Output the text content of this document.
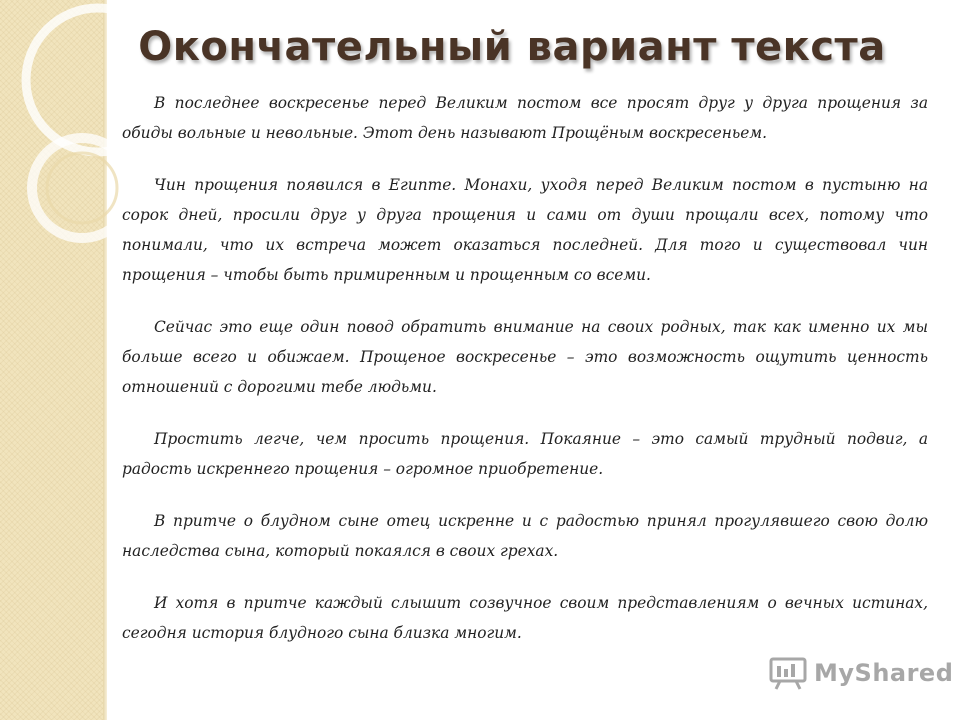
Окончательный вариант текста

В последнее воскресенье перед Великим постом все просят друг у друга прощения за обиды вольные и невольные. Этот день называют Прощёным воскресеньем.

Чин прощения появился в Египте. Монахи, уходя перед Великим постом в пустыню на сорок дней, просили друг у друга прощения и сами от души прощали всех, потому что понимали, что их встреча может оказаться последней. Для того и существовал чин прощения – чтобы быть примиренным и прощенным со всеми.

Сейчас это еще один повод обратить внимание на своих родных, так как именно их мы больше всего и обижаем. Прощеное воскресенье – это возможность ощутить ценность отношений с дорогими тебе людьми.

Простить легче, чем просить прощения. Покаяние – это самый трудный подвиг, а радость искреннего прощения – огромное приобретение.

В притче о блудном сыне отец искренне и с радостью принял прогулявшего свою долю наследства сына, который покаялся в своих грехах.

И хотя в притче каждый слышит созвучное своим представлениям о вечных истинах, сегодня история блудного сына близка многим.

MyShared
